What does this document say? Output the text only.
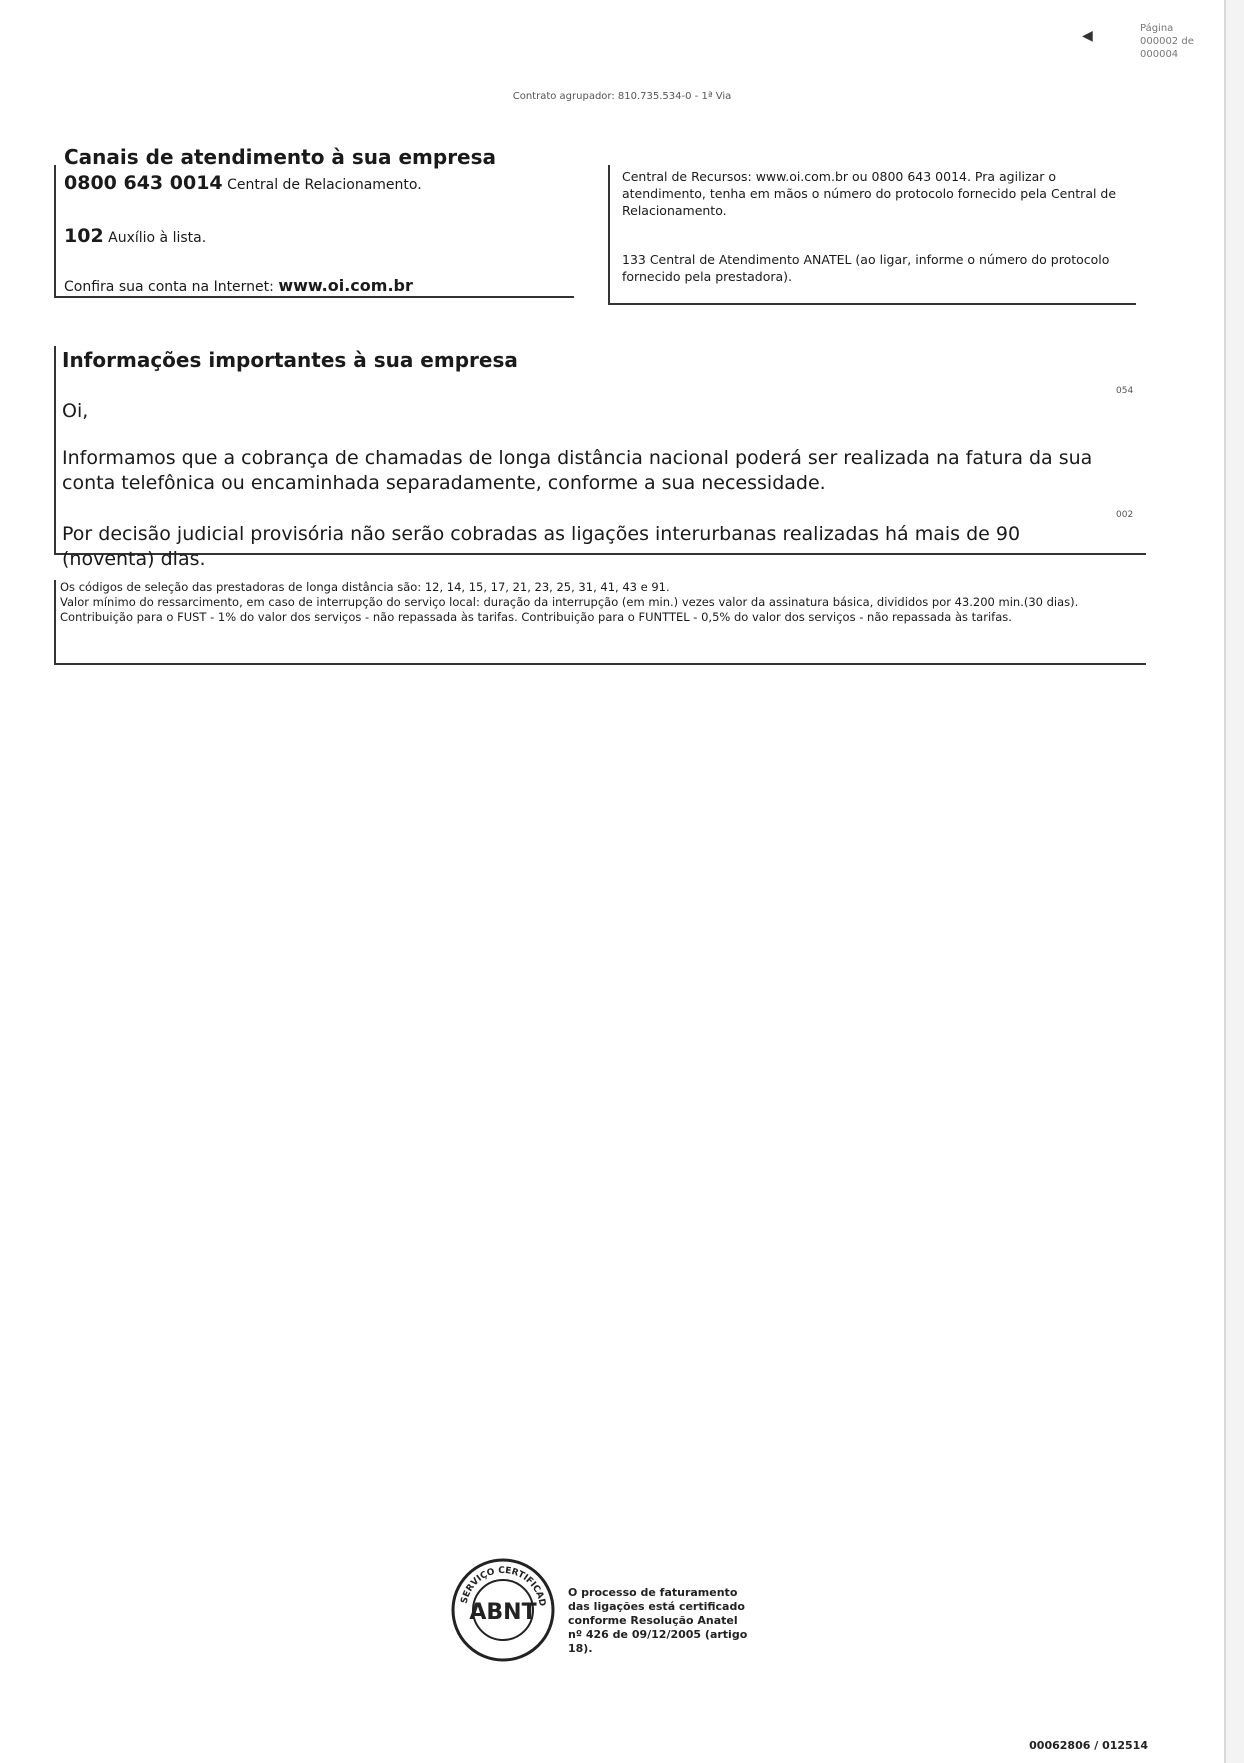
◀	Página
000002 de
000004
Contrato agrupador: 810.735.534-0 - 1ª Via
Canais de atendimento à sua empresa
0800 643 0014 Central de Relacionamento.
102 Auxílio à lista.
Confira sua conta na Internet: www.oi.com.br
Central de Recursos: www.oi.com.br ou 0800 643 0014. Pra agilizar o atendimento, tenha em mãos o número do protocolo fornecido pela Central de Relacionamento.
133 Central de Atendimento ANATEL (ao ligar, informe o número do protocolo fornecido pela prestadora).
Informações importantes à sua empresa
Oi,
Informamos que a cobrança de chamadas de longa distância nacional poderá ser realizada na fatura da sua conta telefônica ou encaminhada separadamente, conforme a sua necessidade.
Por decisão judicial provisória não serão cobradas as ligações interurbanas realizadas há mais de 90 (noventa) dias.
054
002
Os códigos de seleção das prestadoras de longa distância são: 12, 14, 15, 17, 21, 23, 25, 31, 41, 43 e 91.
Valor mínimo do ressarcimento, em caso de interrupção do serviço local: duração da interrupção (em min.) vezes valor da assinatura básica, divididos por 43.200 min.(30 dias).
Contribuição para o FUST - 1% do valor dos serviços - não repassada às tarifas. Contribuição para o FUNTTEL - 0,5% do valor dos serviços - não repassada às tarifas.
SERVIÇO CERTIFICAD
ABNT
O processo de faturamento das ligações está certificado conforme Resolução Anatel nº 426 de 09/12/2005 (artigo 18).
00062806 / 012514
